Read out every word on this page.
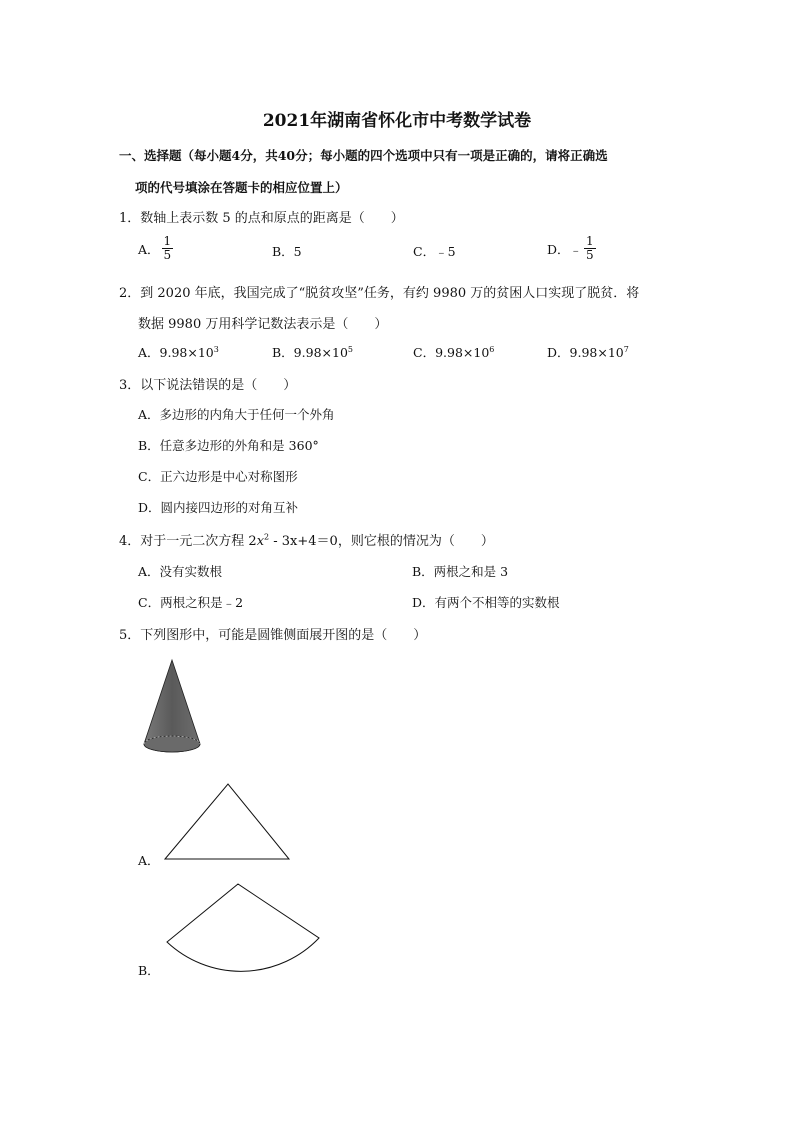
2021年湖南省怀化市中考数学试卷
一、选择题（每小题4分，共40分；每小题的四个选项中只有一项是正确的，请将正确选
项的代号填涂在答题卡的相应位置上）
1．数轴上表示数 5 的点和原点的距离是（　　）
A． $\frac{1}{5}$	B．5	C．﹣5	D．﹣ $\frac{1}{5}$
2．到 2020 年底，我国完成了“脱贫攻坚”任务，有约 9980 万的贫困人口实现了脱贫．将
数据 9980 万用科学记数法表示是（　　）
A．$9.98\times 10^3$	B．$9.98\times 10^5$	C．$9.98\times 10^6$	D．$9.98\times 10^7$
3．以下说法错误的是（　　）
A．多边形的内角大于任何一个外角
B．任意多边形的外角和是 360°
C．正六边形是中心对称图形
D．圆内接四边形的对角互补
4．对于一元二次方程 $2x^2 - 3x+4=0$，则它根的情况为（　　）
A．没有实数根	B．两根之和是 3
C．两根之积是﹣2	D．有两个不相等的实数根
5．下列图形中，可能是圆锥侧面展开图的是（　　）
A．
B．
